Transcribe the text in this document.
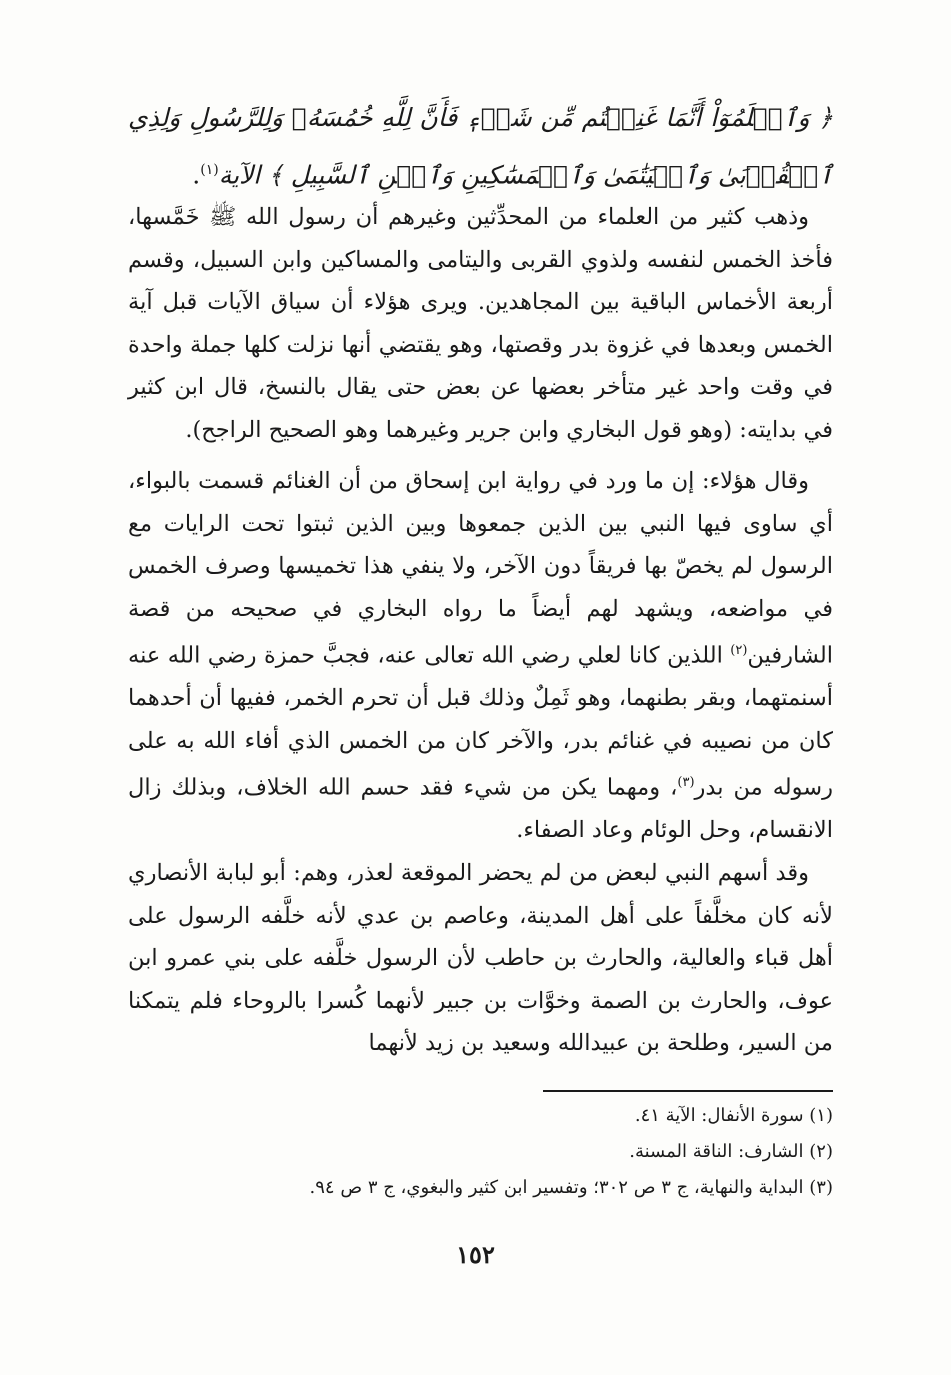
﴿ وَٱعۡلَمُوٓاْ أَنَّمَا غَنِمۡتُم مِّن شَيۡءٖ فَأَنَّ لِلَّهِ خُمُسَهُۥ وَلِلرَّسُولِ وَلِذِي ٱلۡقُرۡبَىٰ وَٱلۡيَتَٰمَىٰ وَٱلۡمَسَٰكِينِ وَٱبۡنِ ٱلسَّبِيلِ ﴾ الآية$^{(١)}$.
وذهب كثير من العلماء من المحدِّثين وغيرهم أن رسول الله ﷺ خَمَّسها، فأخذ الخمس لنفسه ولذوي القربى واليتامى والمساكين وابن السبيل، وقسم أربعة الأخماس الباقية بين المجاهدين. ويرى هؤلاء أن سياق الآيات قبل آية الخمس وبعدها في غزوة بدر وقصتها، وهو يقتضي أنها نزلت كلها جملة واحدة في وقت واحد غير متأخر بعضها عن بعض حتى يقال بالنسخ، قال ابن كثير في بدايته: (وهو قول البخاري وابن جرير وغيرهما وهو الصحيح الراجح).
وقال هؤلاء: إن ما ورد في رواية ابن إسحاق من أن الغنائم قسمت بالبواء، أي ساوى فيها النبي بين الذين جمعوها وبين الذين ثبتوا تحت الرايات مع الرسول لم يخصّ بها فريقاً دون الآخر، ولا ينفي هذا تخميسها وصرف الخمس في مواضعه، ويشهد لهم أيضاً ما رواه البخاري في صحيحه من قصة الشارفين$^{(٢)}$ اللذين كانا لعلي رضي الله تعالى عنه، فجبَّ حمزة رضي الله عنه أسنمتهما، وبقر بطنهما، وهو ثَمِلٌ وذلك قبل أن تحرم الخمر، ففيها أن أحدهما كان من نصيبه في غنائم بدر، والآخر كان من الخمس الذي أفاء الله به على رسوله من بدر$^{(٣)}$، ومهما يكن من شيء فقد حسم الله الخلاف، وبذلك زال الانقسام، وحل الوئام وعاد الصفاء.
وقد أسهم النبي لبعض من لم يحضر الموقعة لعذر، وهم: أبو لبابة الأنصاري لأنه كان مخلَّفاً على أهل المدينة، وعاصم بن عدي لأنه خلَّفه الرسول على أهل قباء والعالية، والحارث بن حاطب لأن الرسول خلَّفه على بني عمرو ابن عوف، والحارث بن الصمة وخوَّات بن جبير لأنهما كُسرا بالروحاء فلم يتمكنا من السير، وطلحة بن عبيدالله وسعيد بن زيد لأنهما
(١) سورة الأنفال: الآية ٤١.
(٢) الشارف: الناقة المسنة.
(٣) البداية والنهاية، ج ٣ ص ٣٠٢؛ وتفسير ابن كثير والبغوي، ج ٣ ص ٩٤.
١٥٢
